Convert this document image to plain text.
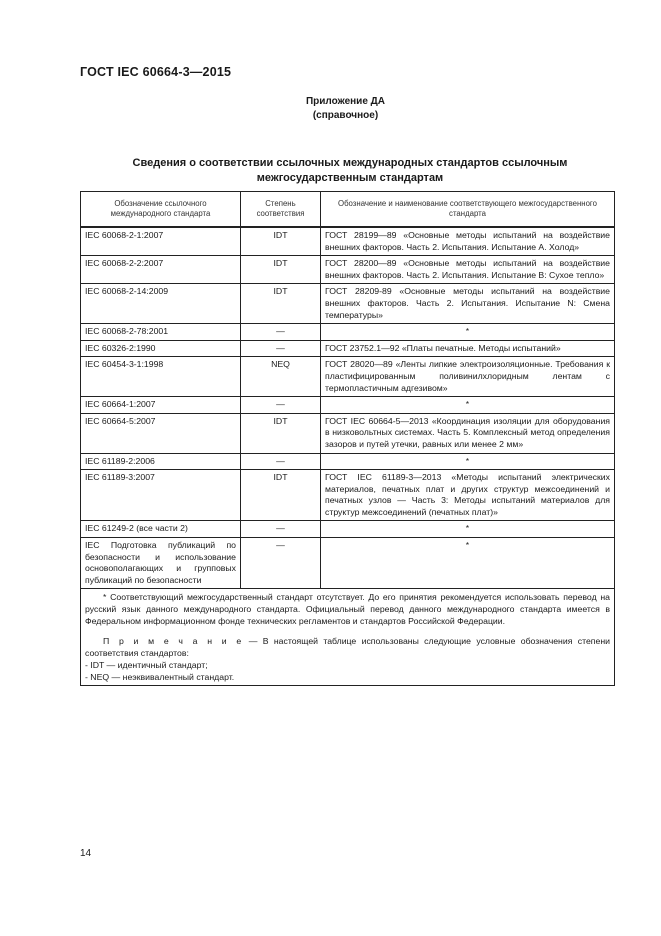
ГОСТ IEC 60664-3—2015
Приложение ДА
(справочное)
Сведения о соответствии ссылочных международных стандартов ссылочным
межгосударственным стандартам
Обозначение ссылочного международного стандарта	Степень соответствия	Обозначение и наименование соответствующего межгосударственного стандарта
IEC 60068-2-1:2007	IDT	ГОСТ 28199—89 «Основные методы испытаний на воздействие внешних факторов. Часть 2. Испытания. Испытание А. Холод»
IEC 60068-2-2:2007	IDT	ГОСТ 28200—89 «Основные методы испытаний на воздействие внешних факторов. Часть 2. Испытания. Испытание В: Сухое тепло»
IEC 60068-2-14:2009	IDT	ГОСТ 28209-89 «Основные методы испытаний на воздействие внешних факторов. Часть 2. Испытания. Испытание N: Смена температуры»
IEC 60068-2-78:2001	—	*
IEC 60326-2:1990	—	ГОСТ 23752.1—92 «Платы печатные. Методы испытаний»
IEC 60454-3-1:1998	NEQ	ГОСТ 28020—89 «Ленты липкие электроизоляционные. Требования к пластифицированным поливинилхлоридным лентам с термопластичным адгезивом»
IEC 60664-1:2007	—	*
IEC 60664-5:2007	IDT	ГОСТ IEC 60664-5—2013 «Координация изоляции для оборудования в низковольтных системах. Часть 5. Комплексный метод определения зазоров и путей утечки, равных или менее 2 мм»
IEC 61189-2:2006	—	*
IEC 61189-3:2007	IDT	ГОСТ IEC 61189-3—2013 «Методы испытаний электрических материалов, печатных плат и других структур межсоединений и печатных узлов — Часть 3: Методы испытаний материалов для структур межсоединений (печатных плат)»
IEC 61249-2 (все части 2)	—	*
IEC Подготовка публикаций по безопасности и использование основополагающих и групповых публикаций по безопасности	—	*

* Соответствующий межгосударственный стандарт отсутствует. До его принятия рекомендуется использовать перевод на русский язык данного международного стандарта. Официальный перевод данного международного стандарта имеется в Федеральном информационном фонде технических регламентов и стандартов Российской Федерации.

П р и м е ч а н и е — В настоящей таблице использованы следующие условные обозначения степени соответствия стандартов:

- IDT — идентичный стандарт;

- NEQ — неэквивалентный стандарт.		

14
